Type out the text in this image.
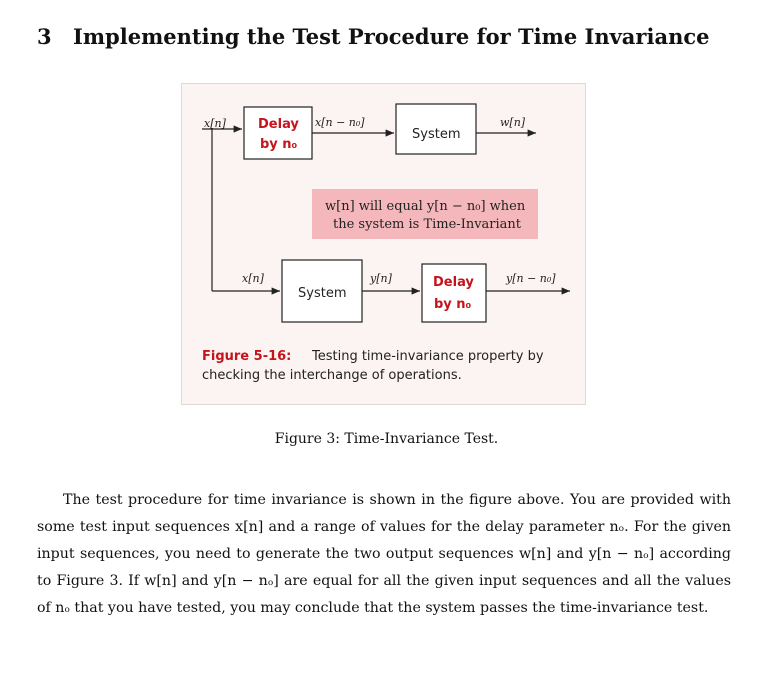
3 Implementing the Test Procedure for Time Invariance
x[n] Delay
by n₀
x[n − n₀]
System
w[n]
w[n] will equal y[n − n₀] when
the system is Time-Invariant
x[n]
System
y[n]	Delay
by n₀
y[n − n₀]
Figure 5-16: Testing time-invariance property by
checking the interchange of operations.
Figure 3: Time-Invariance Test.
The test procedure for time invariance is shown in the figure above. You are provided with some test input sequences x[n] and a range of values for the delay parameter nₒ. For the given input sequences, you need to generate the two output sequences w[n] and y[n − nₒ] according to Figure 3. If w[n] and y[n − nₒ] are equal for all the given input sequences and all the values of nₒ that you have tested, you may conclude that the system passes the time-invariance test.
